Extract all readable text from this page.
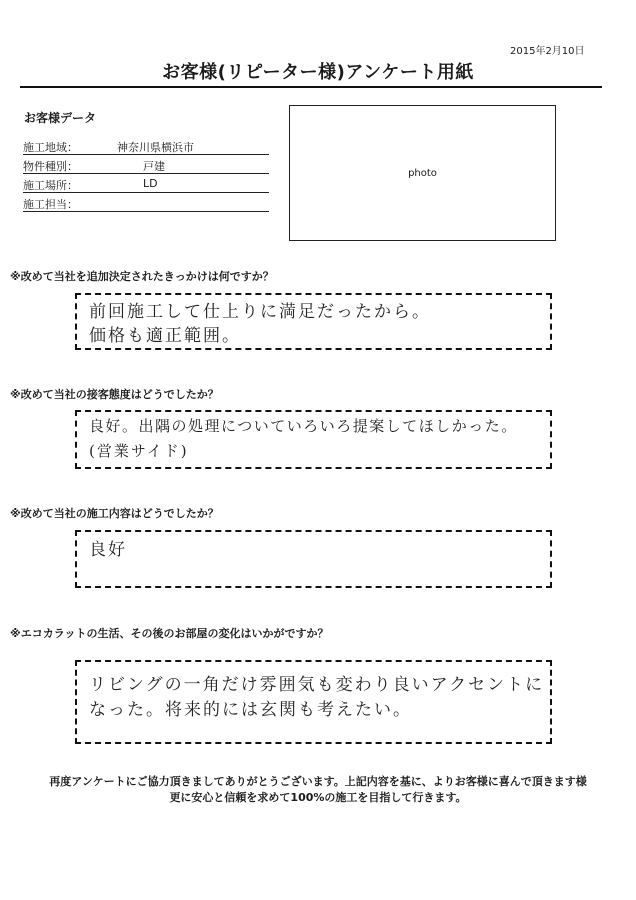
2015年2月10日
お客様(リピーター様)アンケート用紙
お客様データ
施工地域：	神奈川県横浜市
物件種別：	戸建
施工場所：	LD
施工担当：
photo
※改めて当社を追加決定されたきっかけは何ですか？
前回施工して仕上りに満足だったから。
価格も適正範囲。
※改めて当社の接客態度はどうでしたか？
良好。出隅の処理についていろいろ提案してほしかった。
(営業サイド)
※改めて当社の施工内容はどうでしたか？
良好
※エコカラットの生活、その後のお部屋の変化はいかがですか？
リビングの一角だけ雰囲気も変わり良いアクセントに
なった。将来的には玄関も考えたい。
再度アンケートにご協力頂きましてありがとうございます。上記内容を基に、よりお客様に喜んで頂きます様
更に安心と信頼を求めて100%の施工を目指して行きます。
